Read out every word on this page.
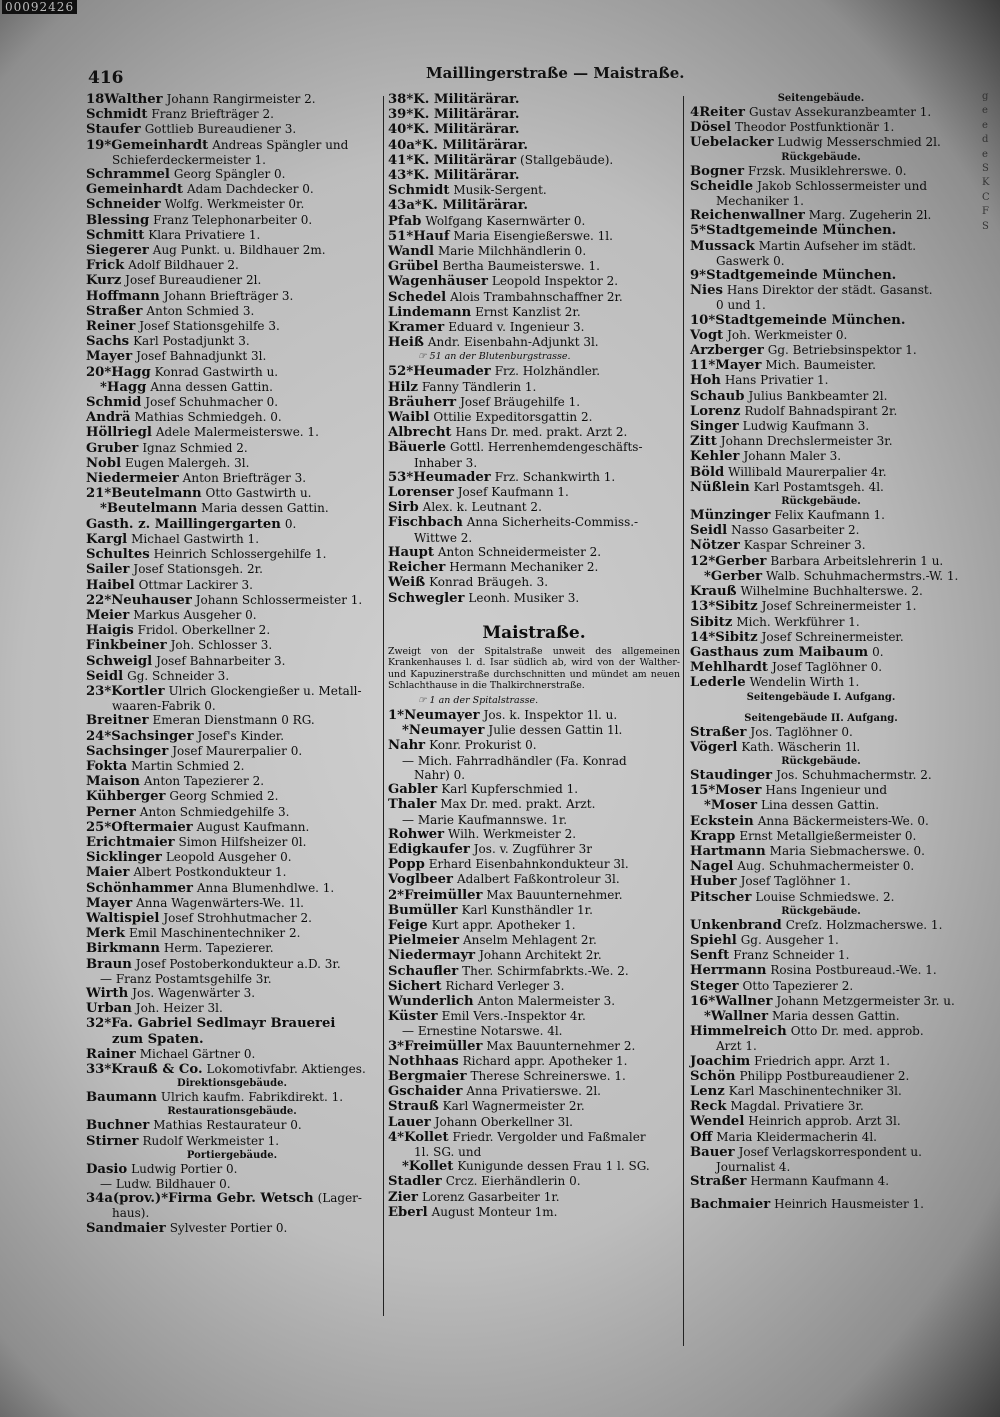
00092426
416	Maillingerstraße — Maistraße.
18Walther Johann Rangirmeister 2.
Schmidt Franz Briefträger 2.
Staufer Gottlieb Bureaudiener 3.
19*Gemeinhardt Andreas Spängler und
Schieferdeckermeister 1.
Schrammel Georg Spängler 0.
Gemeinhardt Adam Dachdecker 0.
Schneider Wolfg. Werkmeister 0r.
Blessing Franz Telephonarbeiter 0.
Schmitt Klara Privatiere 1.
Siegerer Aug Punkt. u. Bildhauer 2m.
Frick Adolf Bildhauer 2.
Kurz Josef Bureaudiener 2l.
Hoffmann Johann Briefträger 3.
Straßer Anton Schmied 3.
Reiner Josef Stationsgehilfe 3.
Sachs Karl Postadjunkt 3.
Mayer Josef Bahnadjunkt 3l.
20*Hagg Konrad Gastwirth u.
*Hagg Anna dessen Gattin.
Schmid Josef Schuhmacher 0.
Andrä Mathias Schmiedgeh. 0.
Höllriegl Adele Malermeisterswe. 1.
Gruber Ignaz Schmied 2.
Nobl Eugen Malergeh. 3l.
Niedermeier Anton Briefträger 3.
21*Beutelmann Otto Gastwirth u.
*Beutelmann Maria dessen Gattin.
Gasth. z. Maillingergarten 0.
Kargl Michael Gastwirth 1.
Schultes Heinrich Schlossergehilfe 1.
Sailer Josef Stationsgeh. 2r.
Haibel Ottmar Lackirer 3.
22*Neuhauser Johann Schlossermeister 1.
Meier Markus Ausgeher 0.
Haigis Fridol. Oberkellner 2.
Finkbeiner Joh. Schlosser 3.
Schweigl Josef Bahnarbeiter 3.
Seidl Gg. Schneider 3.
23*Kortler Ulrich Glockengießer u. Metall-
waaren-Fabrik 0.
Breitner Emeran Dienstmann 0 RG.
24*Sachsinger Josef's Kinder.
Sachsinger Josef Maurerpalier 0.
Fokta Martin Schmied 2.
Maison Anton Tapezierer 2.
Kühberger Georg Schmied 2.
Perner Anton Schmiedgehilfe 3.
25*Oftermaier August Kaufmann.
Erichtmaier Simon Hilfsheizer 0l.
Sicklinger Leopold Ausgeher 0.
Maier Albert Postkondukteur 1.
Schönhammer Anna Blumenhdlwe. 1.
Mayer Anna Wagenwärters-We. 1l.
Waltispiel Josef Strohhutmacher 2.
Merk Emil Maschinentechniker 2.
Birkmann Herm. Tapezierer.
Braun Josef Postoberkondukteur a.D. 3r.
— Franz Postamtsgehilfe 3r.
Wirth Jos. Wagenwärter 3.
Urban Joh. Heizer 3l.
32*Fa. Gabriel Sedlmayr Brauerei
zum Spaten.
Rainer Michael Gärtner 0.
33*Krauß & Co. Lokomotivfabr. Aktienges.
Direktionsgebäude.
Baumann Ulrich kaufm. Fabrikdirekt. 1.
Restaurationsgebäude.
Buchner Mathias Restaurateur 0.
Stirner Rudolf Werkmeister 1.
Portiergebäude.
Dasio Ludwig Portier 0.
— Ludw. Bildhauer 0.
34a(prov.)*Firma Gebr. Wetsch (Lager-
haus).
Sandmaier Sylvester Portier 0.
38*K. Militärärar.
39*K. Militärärar.
40*K. Militärärar.
40a*K. Militärärar.
41*K. Militärärar (Stallgebäude).
43*K. Militärärar.
Schmidt Musik-Sergent.
43a*K. Militärärar.
Pfab Wolfgang Kasernwärter 0.
51*Hauf Maria Eisengießerswe. 1l.
Wandl Marie Milchhändlerin 0.
Grübel Bertha Baumeisterswe. 1.
Wagenhäuser Leopold Inspektor 2.
Schedel Alois Trambahnschaffner 2r.
Lindemann Ernst Kanzlist 2r.
Kramer Eduard v. Ingenieur 3.
Heiß Andr. Eisenbahn-Adjunkt 3l.
☞ 51 an der Blutenburgstrasse.
52*Heumader Frz. Holzhändler.
Hilz Fanny Tändlerin 1.
Bräuherr Josef Bräugehilfe 1.
Waibl Ottilie Expeditorsgattin 2.
Albrecht Hans Dr. med. prakt. Arzt 2.
Bäuerle Gottl. Herrenhemdengeschäfts-
Inhaber 3.
53*Heumader Frz. Schankwirth 1.
Lorenser Josef Kaufmann 1.
Sirb Alex. k. Leutnant 2.
Fischbach Anna Sicherheits-Commiss.-
Wittwe 2.
Haupt Anton Schneidermeister 2.
Reicher Hermann Mechaniker 2.
Weiß Konrad Bräugeh. 3.
Schwegler Leonh. Musiker 3.
Maistraße.
Zweigt von der Spitalstraße unweit des allgemeinen Krankenhauses l. d. Isar südlich ab, wird von der Walther- und Kapuzinerstraße durchschnitten und mündet am neuen Schlachthause in die Thalkirchnerstraße.
☞ 1 an der Spitalstrasse.
1*Neumayer Jos. k. Inspektor 1l. u.
*Neumayer Julie dessen Gattin 1l.
Nahr Konr. Prokurist 0.
— Mich. Fahrradhändler (Fa. Konrad
Nahr) 0.
Gabler Karl Kupferschmied 1.
Thaler Max Dr. med. prakt. Arzt.
— Marie Kaufmannswe. 1r.
Rohwer Wilh. Werkmeister 2.
Edigkaufer Jos. v. Zugführer 3r
Popp Erhard Eisenbahnkondukteur 3l.
Voglbeer Adalbert Faßkontroleur 3l.
2*Freimüller Max Bauunternehmer.
Bumüller Karl Kunsthändler 1r.
Feige Kurt appr. Apotheker 1.
Pielmeier Anselm Mehlagent 2r.
Niedermayr Johann Architekt 2r.
Schaufler Ther. Schirmfabrkts.-We. 2.
Sichert Richard Verleger 3.
Wunderlich Anton Malermeister 3.
Küster Emil Vers.-Inspektor 4r.
— Ernestine Notarswe. 4l.
3*Freimüller Max Bauunternehmer 2.
Nothhaas Richard appr. Apotheker 1.
Bergmaier Therese Schreinerswe. 1.
Gschaider Anna Privatierswe. 2l.
Strauß Karl Wagnermeister 2r.
Lauer Johann Oberkellner 3l.
4*Kollet Friedr. Vergolder und Faßmaler
1l. SG. und
*Kollet Kunigunde dessen Frau 1 l. SG.
Stadler Crcz. Eierhändlerin 0.
Zier Lorenz Gasarbeiter 1r.
Eberl August Monteur 1m.
Seitengebäude.
4Reiter Gustav Assekuranzbeamter 1.
Dösel Theodor Postfunktionär 1.
Uebelacker Ludwig Messerschmied 2l.
Rückgebäude.
Bogner Frzsk. Musiklehrerswe. 0.
Scheidle Jakob Schlossermeister und
Mechaniker 1.
Reichenwallner Marg. Zugeherin 2l.
5*Stadtgemeinde München.
Mussack Martin Aufseher im städt.
Gaswerk 0.
9*Stadtgemeinde München.
Nies Hans Direktor der städt. Gasanst.
0 und 1.
10*Stadtgemeinde München.
Vogt Joh. Werkmeister 0.
Arzberger Gg. Betriebsinspektor 1.
11*Mayer Mich. Baumeister.
Hoh Hans Privatier 1.
Schaub Julius Bankbeamter 2l.
Lorenz Rudolf Bahnadspirant 2r.
Singer Ludwig Kaufmann 3.
Zitt Johann Drechslermeister 3r.
Kehler Johann Maler 3.
Böld Willibald Maurerpalier 4r.
Nüßlein Karl Postamtsgeh. 4l.
Rückgebäude.
Münzinger Felix Kaufmann 1.
Seidl Nasso Gasarbeiter 2.
Nötzer Kaspar Schreiner 3.
12*Gerber Barbara Arbeitslehrerin 1 u.
*Gerber Walb. Schuhmachermstrs.-W. 1.
Krauß Wilhelmine Buchhalterswe. 2.
13*Sibitz Josef Schreinermeister 1.
Sibitz Mich. Werkführer 1.
14*Sibitz Josef Schreinermeister.
Gasthaus zum Maibaum 0.
Mehlhardt Josef Taglöhner 0.
Lederle Wendelin Wirth 1.
Seitengebäude I. Aufgang.
Seitengebäude II. Aufgang.
Straßer Jos. Taglöhner 0.
Vögerl Kath. Wäscherin 1l.
Rückgebäude.
Staudinger Jos. Schuhmachermstr. 2.
15*Moser Hans Ingenieur und
*Moser Lina dessen Gattin.
Eckstein Anna Bäckermeisters-We. 0.
Krapp Ernst Metallgießermeister 0.
Hartmann Maria Siebmacherswe. 0.
Nagel Aug. Schuhmachermeister 0.
Huber Josef Taglöhner 1.
Pitscher Louise Schmiedswe. 2.
Rückgebäude.
Unkenbrand Creſz. Holzmacherswe. 1.
Spiehl Gg. Ausgeher 1.
Senft Franz Schneider 1.
Herrmann Rosina Postbureaud.-We. 1.
Steger Otto Tapezierer 2.
16*Wallner Johann Metzgermeister 3r. u.
*Wallner Maria dessen Gattin.
Himmelreich Otto Dr. med. approb.
Arzt 1.
Joachim Friedrich appr. Arzt 1.
Schön Philipp Postbureaudiener 2.
Lenz Karl Maschinentechniker 3l.
Reck Magdal. Privatiere 3r.
Wendel Heinrich approb. Arzt 3l.
Off Maria Kleidermacherin 4l.
Bauer Josef Verlagskorrespondent u.
Journalist 4.
Straßer Hermann Kaufmann 4.
Bachmaier Heinrich Hausmeister 1.
g
e
e
d
e
S
K
C
F
S
